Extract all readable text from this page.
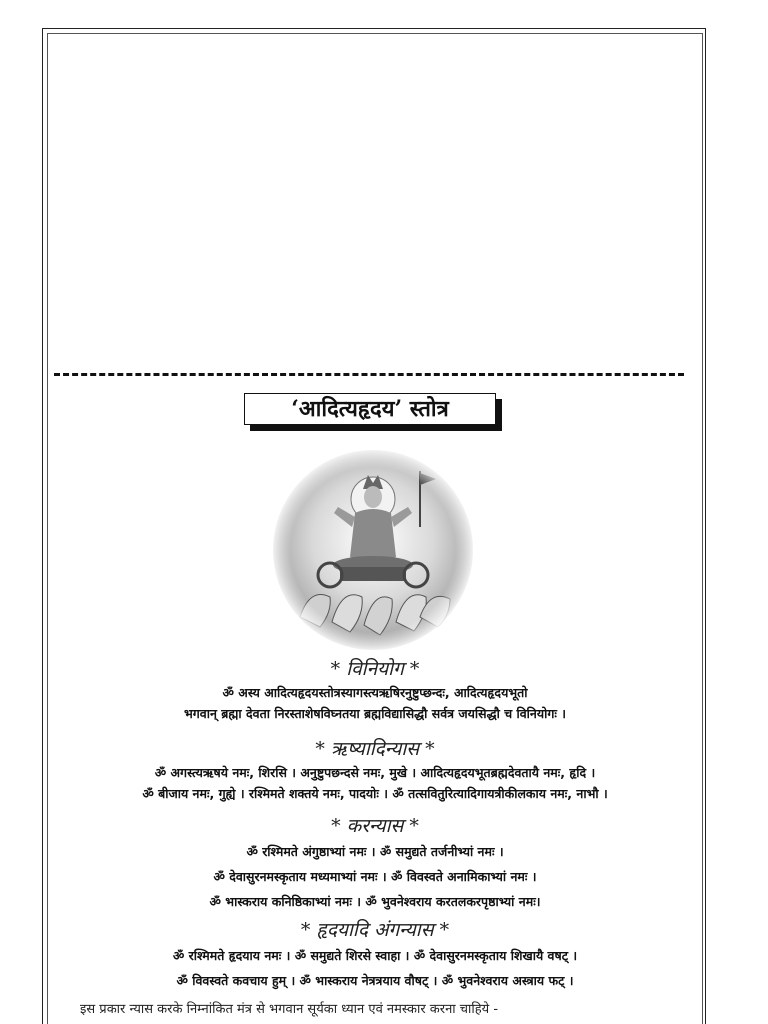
‘आदित्यहृदय’ स्तोत्र
* विनियोग *
ॐ अस्य आदित्यहृदयस्तोत्रस्यागस्त्यऋषिरनुष्टुप्छन्दः, आदित्यहृदयभूतो
भगवान् ब्रह्मा देवता निरस्ताशेषविघ्नतया ब्रह्मविद्यासिद्धौ सर्वत्र जयसिद्धौ च विनियोगः ।
* ऋष्यादिन्यास *
ॐ अगस्त्यऋषये नमः, शिरसि । अनुष्टुपछन्दसे नमः, मुखे । आदित्यहृदयभूतब्रह्मदेवतायै नमः, हृदि ।
ॐ बीजाय नमः, गुह्ये । रश्मिमते शक्तये नमः, पादयोः । ॐ तत्सवितुरित्यादिगायत्रीकीलकाय नमः, नाभौ ।
* करन्यास *
ॐ रश्मिमते अंगुष्ठाभ्यां नमः । ॐ समुद्यते तर्जनीभ्यां नमः ।
ॐ देवासुरनमस्कृताय मध्यमाभ्यां नमः । ॐ विवस्वते अनामिकाभ्यां नमः ।
ॐ भास्कराय कनिष्ठिकाभ्यां नमः । ॐ भुवनेश्वराय करतलकरपृष्ठाभ्यां नमः।
* हृदयादि अंगन्यास *
ॐ रश्मिमते हृदयाय नमः । ॐ समुद्यते शिरसे स्वाहा । ॐ देवासुरनमस्कृताय शिखायै वषट् ।
ॐ विवस्वते कवचाय हुम् । ॐ भास्कराय नेत्रत्रयाय वौषट् । ॐ भुवनेश्वराय अस्त्राय फट् ।
इस प्रकार न्यास करके निम्नांकित मंत्र से भगवान सूर्यका ध्यान एवं नमस्कार करना चाहिये -
